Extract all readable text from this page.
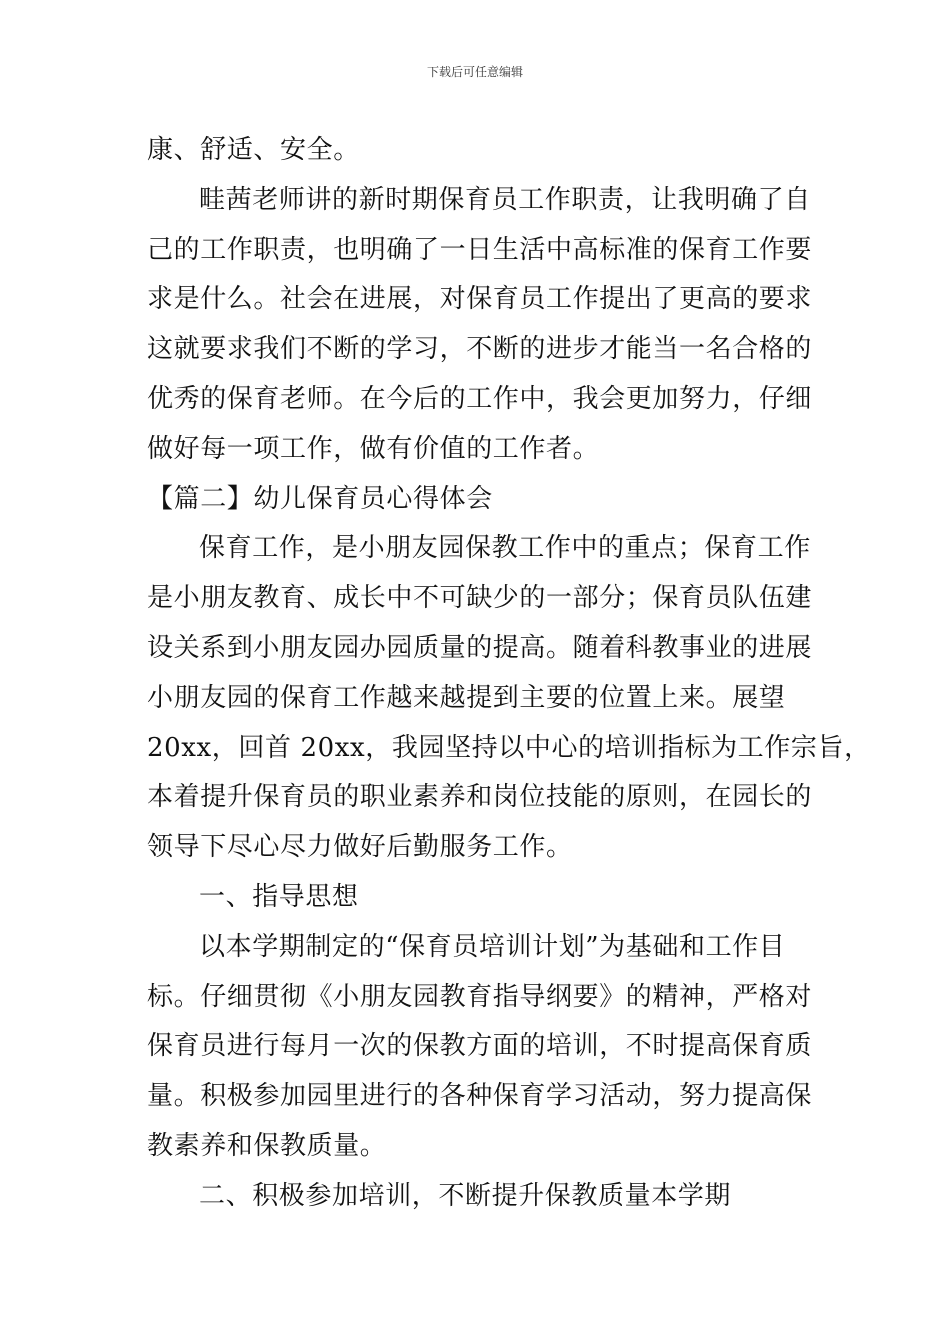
下载后可任意编辑
康、舒适、安全。
畦茜老师讲的新时期保育员工作职责，让我明确了自
己的工作职责，也明确了一日生活中高标准的保育工作要
求是什么。社会在进展，对保育员工作提出了更高的要求
这就要求我们不断的学习，不断的进步才能当一名合格的
优秀的保育老师。在今后的工作中，我会更加努力，仔细
做好每一项工作，做有价值的工作者。
【篇二】幼儿保育员心得体会
保育工作，是小朋友园保教工作中的重点；保育工作
是小朋友教育、成长中不可缺少的一部分；保育员队伍建
设关系到小朋友园办园质量的提高。随着科教事业的进展
小朋友园的保育工作越来越提到主要的位置上来。展望
20xx，回首 20xx，我园坚持以中心的培训指标为工作宗旨，
本着提升保育员的职业素养和岗位技能的原则，在园长的
领导下尽心尽力做好后勤服务工作。
一、指导思想
以本学期制定的“保育员培训计划”为基础和工作目
标。仔细贯彻《小朋友园教育指导纲要》的精神，严格对
保育员进行每月一次的保教方面的培训，不时提高保育质
量。积极参加园里进行的各种保育学习活动，努力提高保
教素养和保教质量。
二、积极参加培训，不断提升保教质量本学期
